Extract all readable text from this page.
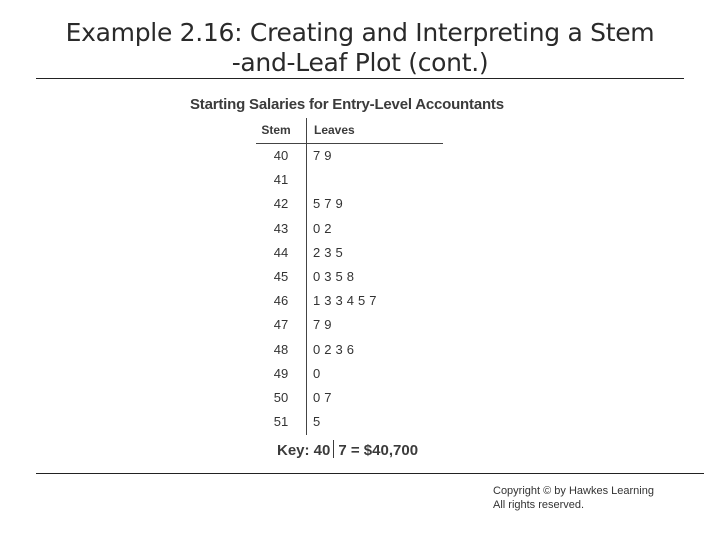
Example 2.16: Creating and Interpreting a Stem
-and-Leaf Plot (cont.)
Starting Salaries for Entry-Level Accountants
Stem	Leaves
40	7 9
41
42	5 7 9
43	0 2
44	2 3 5
45	0 3 5 8
46	1 3 3 4 5 7
47	7 9
48	0 2 3 6
49	0
50	0 7
51	5
Key: 40 7 = $40,700
Copyright © by Hawkes Learning
All rights reserved.
